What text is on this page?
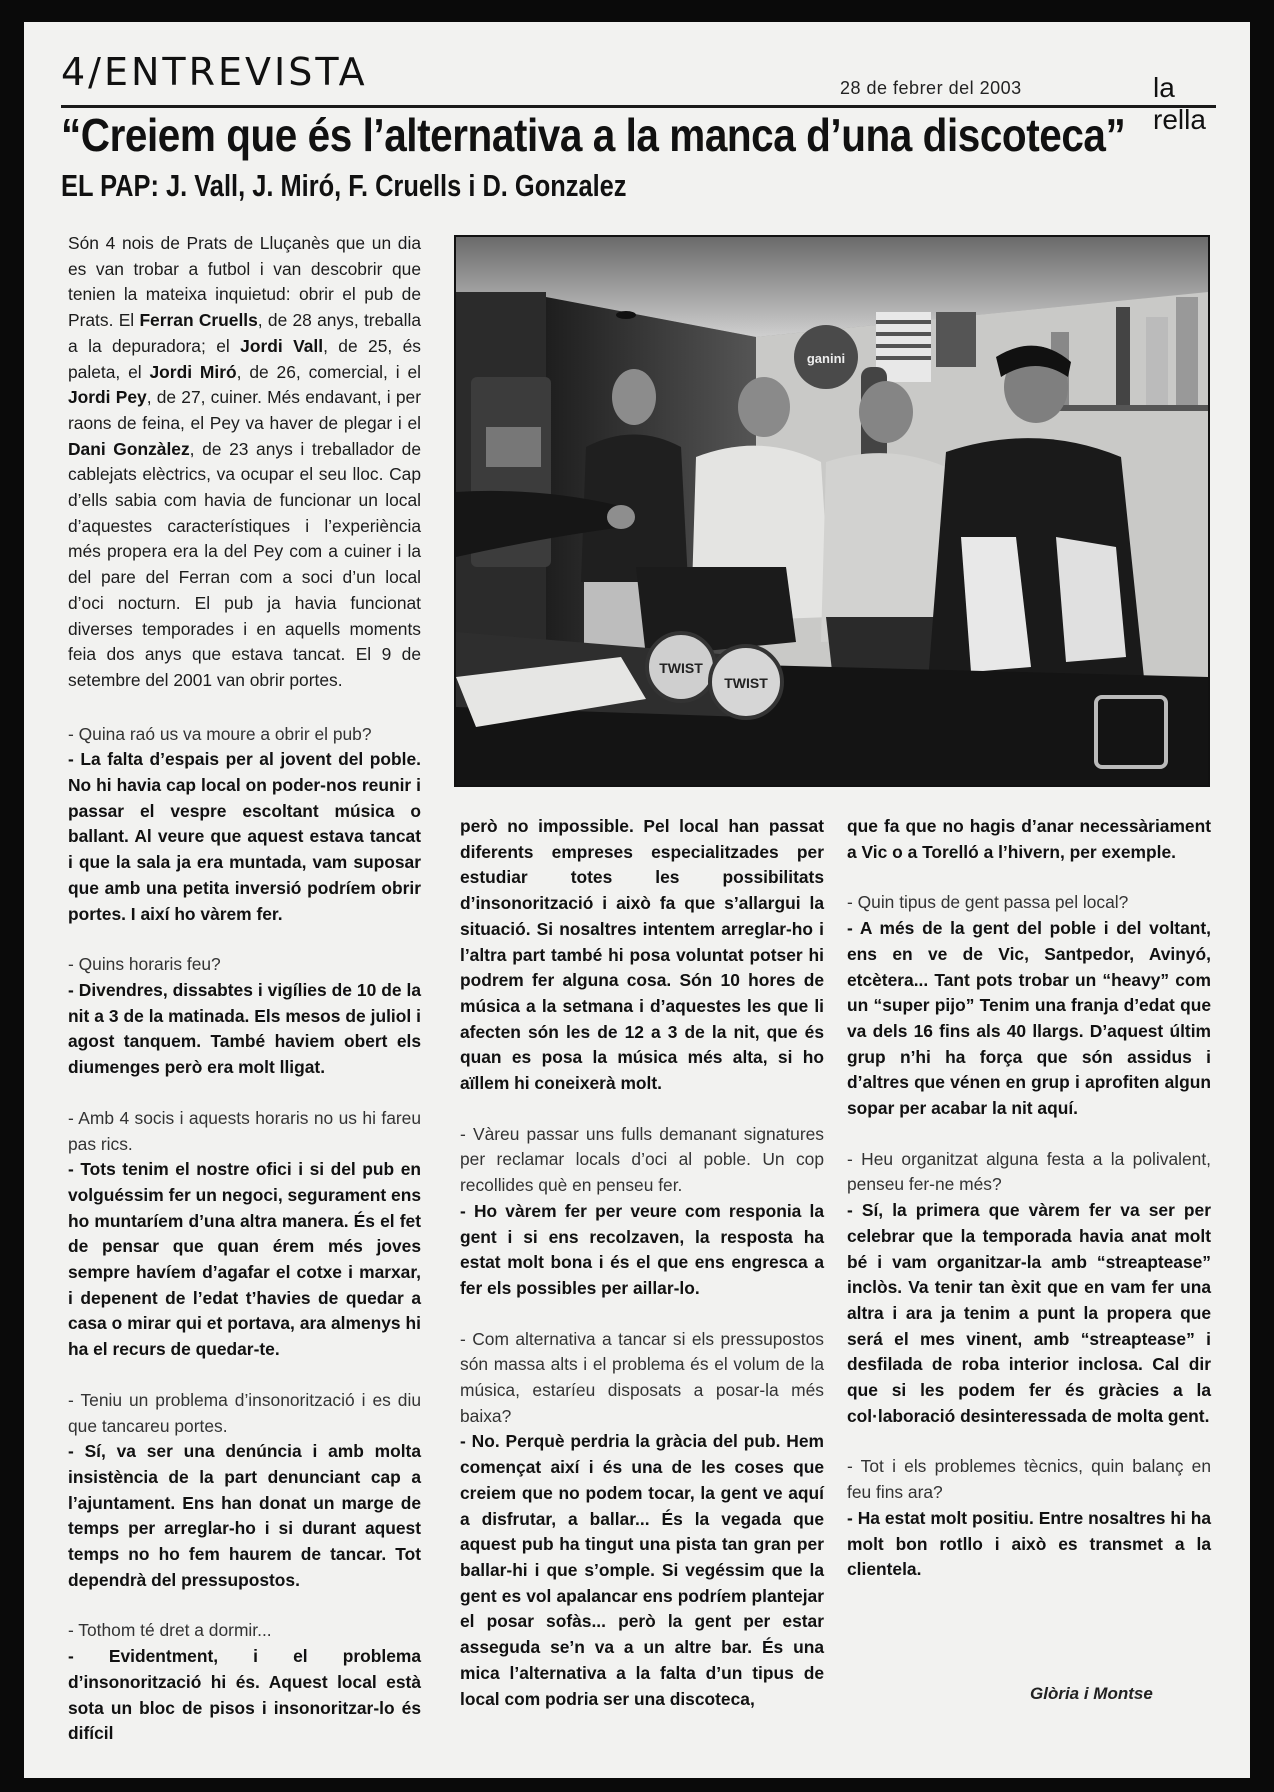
4/ENTREVISTA	28 de febrer del 2003	la rella
“Creiem que és l’alternativa a la manca d’una discoteca”
EL PAP: J. Vall, J. Miró, F. Cruells i D. Gonzalez

Són 4 nois de Prats de Lluçanès que un dia es van trobar a futbol i van descobrir que tenien la mateixa inquietud: obrir el pub de Prats. El Ferran Cruells, de 28 anys, treballa a la depuradora; el Jordi Vall, de 25, és paleta, el Jordi Miró, de 26, comercial, i el Jordi Pey, de 27, cuiner. Més endavant, i per raons de feina, el Pey va haver de plegar i el Dani Gonzàlez, de 23 anys i treballador de cablejats elèctrics, va ocupar el seu lloc. Cap d’ells sabia com havia de funcionar un local d’aquestes característiques i l’experiència més propera era la del Pey com a cuiner i la del pare del Ferran com a soci d’un local d’oci nocturn. El pub ja havia funcionat diverses temporades i en aquells moments feia dos anys que estava tancat. El 9 de setembre del 2001 van obrir portes.

- Quina raó us va moure a obrir el pub?
- La falta d’espais per al jovent del poble. No hi havia cap local on poder-nos reunir i passar el vespre escoltant música o ballant. Al veure que aquest estava tancat i que la sala ja era muntada, vam suposar que amb una petita inversió podríem obrir portes. I així ho vàrem fer.

- Quins horaris feu?
- Divendres, dissabtes i vigílies de 10 de la nit a 3 de la matinada. Els mesos de juliol i agost tanquem. També haviem obert els diumenges però era molt lligat.

- Amb 4 socis i aquests horaris no us hi fareu pas rics.
- Tots tenim el nostre ofici i si del pub en volguéssim fer un negoci, segurament ens ho muntaríem d’una altra manera. És el fet de pensar que quan érem més joves sempre havíem d’agafar el cotxe i marxar, i depenent de l’edat t’havies de quedar a casa o mirar qui et portava, ara almenys hi ha el recurs de quedar-te.

- Teniu un problema d’insonorització i es diu que tancareu portes.
- Sí, va ser una denúncia i amb molta insistència de la part denunciant cap a l’ajuntament. Ens han donat un marge de temps per arreglar-ho i si durant aquest temps no ho fem haurem de tancar. Tot dependrà del pressupostos.

- Tothom té dret a dormir...
- Evidentment, i el problema d’insonorització hi és. Aquest local està sota un bloc de pisos i insonoritzar-lo és difícil

però no impossible. Pel local han passat diferents empreses especialitzades per estudiar totes les possibilitats d’insonorització i això fa que s’allargui la situació. Si nosaltres intentem arreglar-ho i l’altra part també hi posa voluntat potser hi podrem fer alguna cosa. Són 10 hores de música a la setmana i d’aquestes les que li afecten són les de 12 a 3 de la nit, que és quan es posa la música més alta, si ho aïllem hi coneixerà molt.

- Vàreu passar uns fulls demanant signatures per reclamar locals d’oci al poble. Un cop recollides què en penseu fer.
- Ho vàrem fer per veure com responia la gent i si ens recolzaven, la resposta ha estat molt bona i és el que ens engresca a fer els possibles per aillar-lo.

- Com alternativa a tancar si els pressupostos són massa alts i el problema és el volum de la música, estaríeu disposats a posar-la més baixa?
- No. Perquè perdria la gràcia del pub. Hem començat així i és una de les coses que creiem que no podem tocar, la gent ve aquí a disfrutar, a ballar... És la vegada que aquest pub ha tingut una pista tan gran per ballar-hi i que s’omple. Si vegéssim que la gent es vol apalancar ens podríem plantejar el posar sofàs... però la gent per estar asseguda se’n va a un altre bar. És una mica l’alternativa a la falta d’un tipus de local com podria ser una discoteca,

que fa que no hagis d’anar necessàriament a Vic o a Torelló a l’hivern, per exemple.

- Quin tipus de gent passa pel local?
- A més de la gent del poble i del voltant, ens en ve de Vic, Santpedor, Avinyó, etcètera... Tant pots trobar un “heavy” com un “super pijo” Tenim una franja d’edat que va dels 16 fins als 40 llargs. D’aquest últim grup n’hi ha força que són assidus i d’altres que vénen en grup i aprofiten algun sopar per acabar la nit aquí.

- Heu organitzat alguna festa a la polivalent, penseu fer-ne més?
- Sí, la primera que vàrem fer va ser per celebrar que la temporada havia anat molt bé i vam organitzar-la amb “streaptease” inclòs. Va tenir tan èxit que en vam fer una altra i ara ja tenim a punt la propera que será el mes vinent, amb “streaptease” i desfilada de roba interior inclosa. Cal dir que si les podem fer és gràcies a la col·laboració desinteressada de molta gent.

- Tot i els problemes tècnics, quin balanç en feu fins ara?
- Ha estat molt positiu. Entre nosaltres hi ha molt bon rotllo i això es transmet a la clientela.

Glòria i Montse
ganini
TWIST
TWIST
